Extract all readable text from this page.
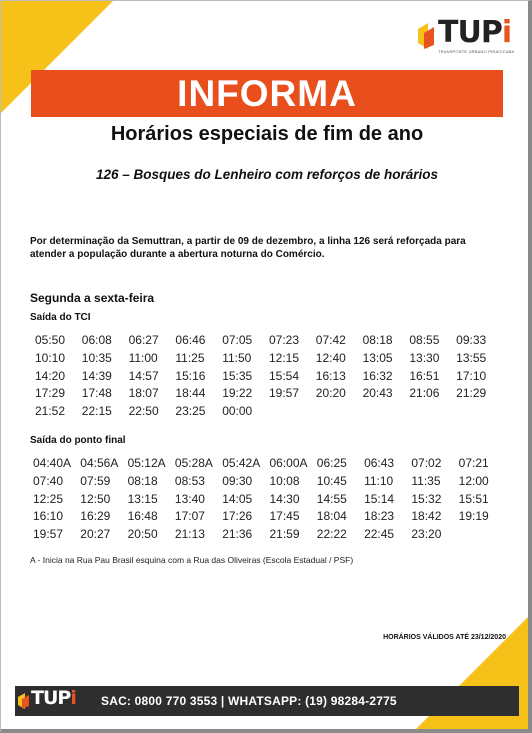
TUPi
TRANSPORTE URBANO PIRACICABA
INFORMA
Horários especiais de fim de ano
126 – Bosques do Lenheiro com reforços de horários
Por determinação da Semuttran, a partir de 09 de dezembro, a linha 126 será reforçada para atender a população durante a abertura noturna do Comércio.
Segunda a sexta-feira
Saída do TCI
05:50	06:08	06:27	06:46	07:05	07:23	07:42	08:18	08:55	09:33
10:10	10:35	11:00	11:25	11:50	12:15	12:40	13:05	13:30	13:55
14:20	14:39	14:57	15:16	15:35	15:54	16:13	16:32	16:51	17:10
17:29	17:48	18:07	18:44	19:22	19:57	20:20	20:43	21:06	21:29
21:52	22:15	22:50	23:25	00:00
Saída do ponto final
04:40A 04:56A 05:12A 05:28A 05:42A 06:00A 06:25	06:43	07:02	07:21
07:40	07:59	08:18	08:53	09:30	10:08	10:45	11:10	11:35	12:00
12:25	12:50	13:15	13:40	14:05	14:30	14:55	15:14	15:32	15:51
16:10	16:29	16:48	17:07	17:26	17:45	18:04	18:23	18:42	19:19
19:57	20:27	20:50	21:13	21:36	21:59	22:22	22:45	23:20
A - Inicia na Rua Pau Brasil esquina com a Rua das Oliveiras (Escola Estadual / PSF)
HORÁRIOS VÁLIDOS ATÉ 23/12/2020
TUPi SAC: 0800 770 3553 | WHATSAPP: (19) 98284-2775
